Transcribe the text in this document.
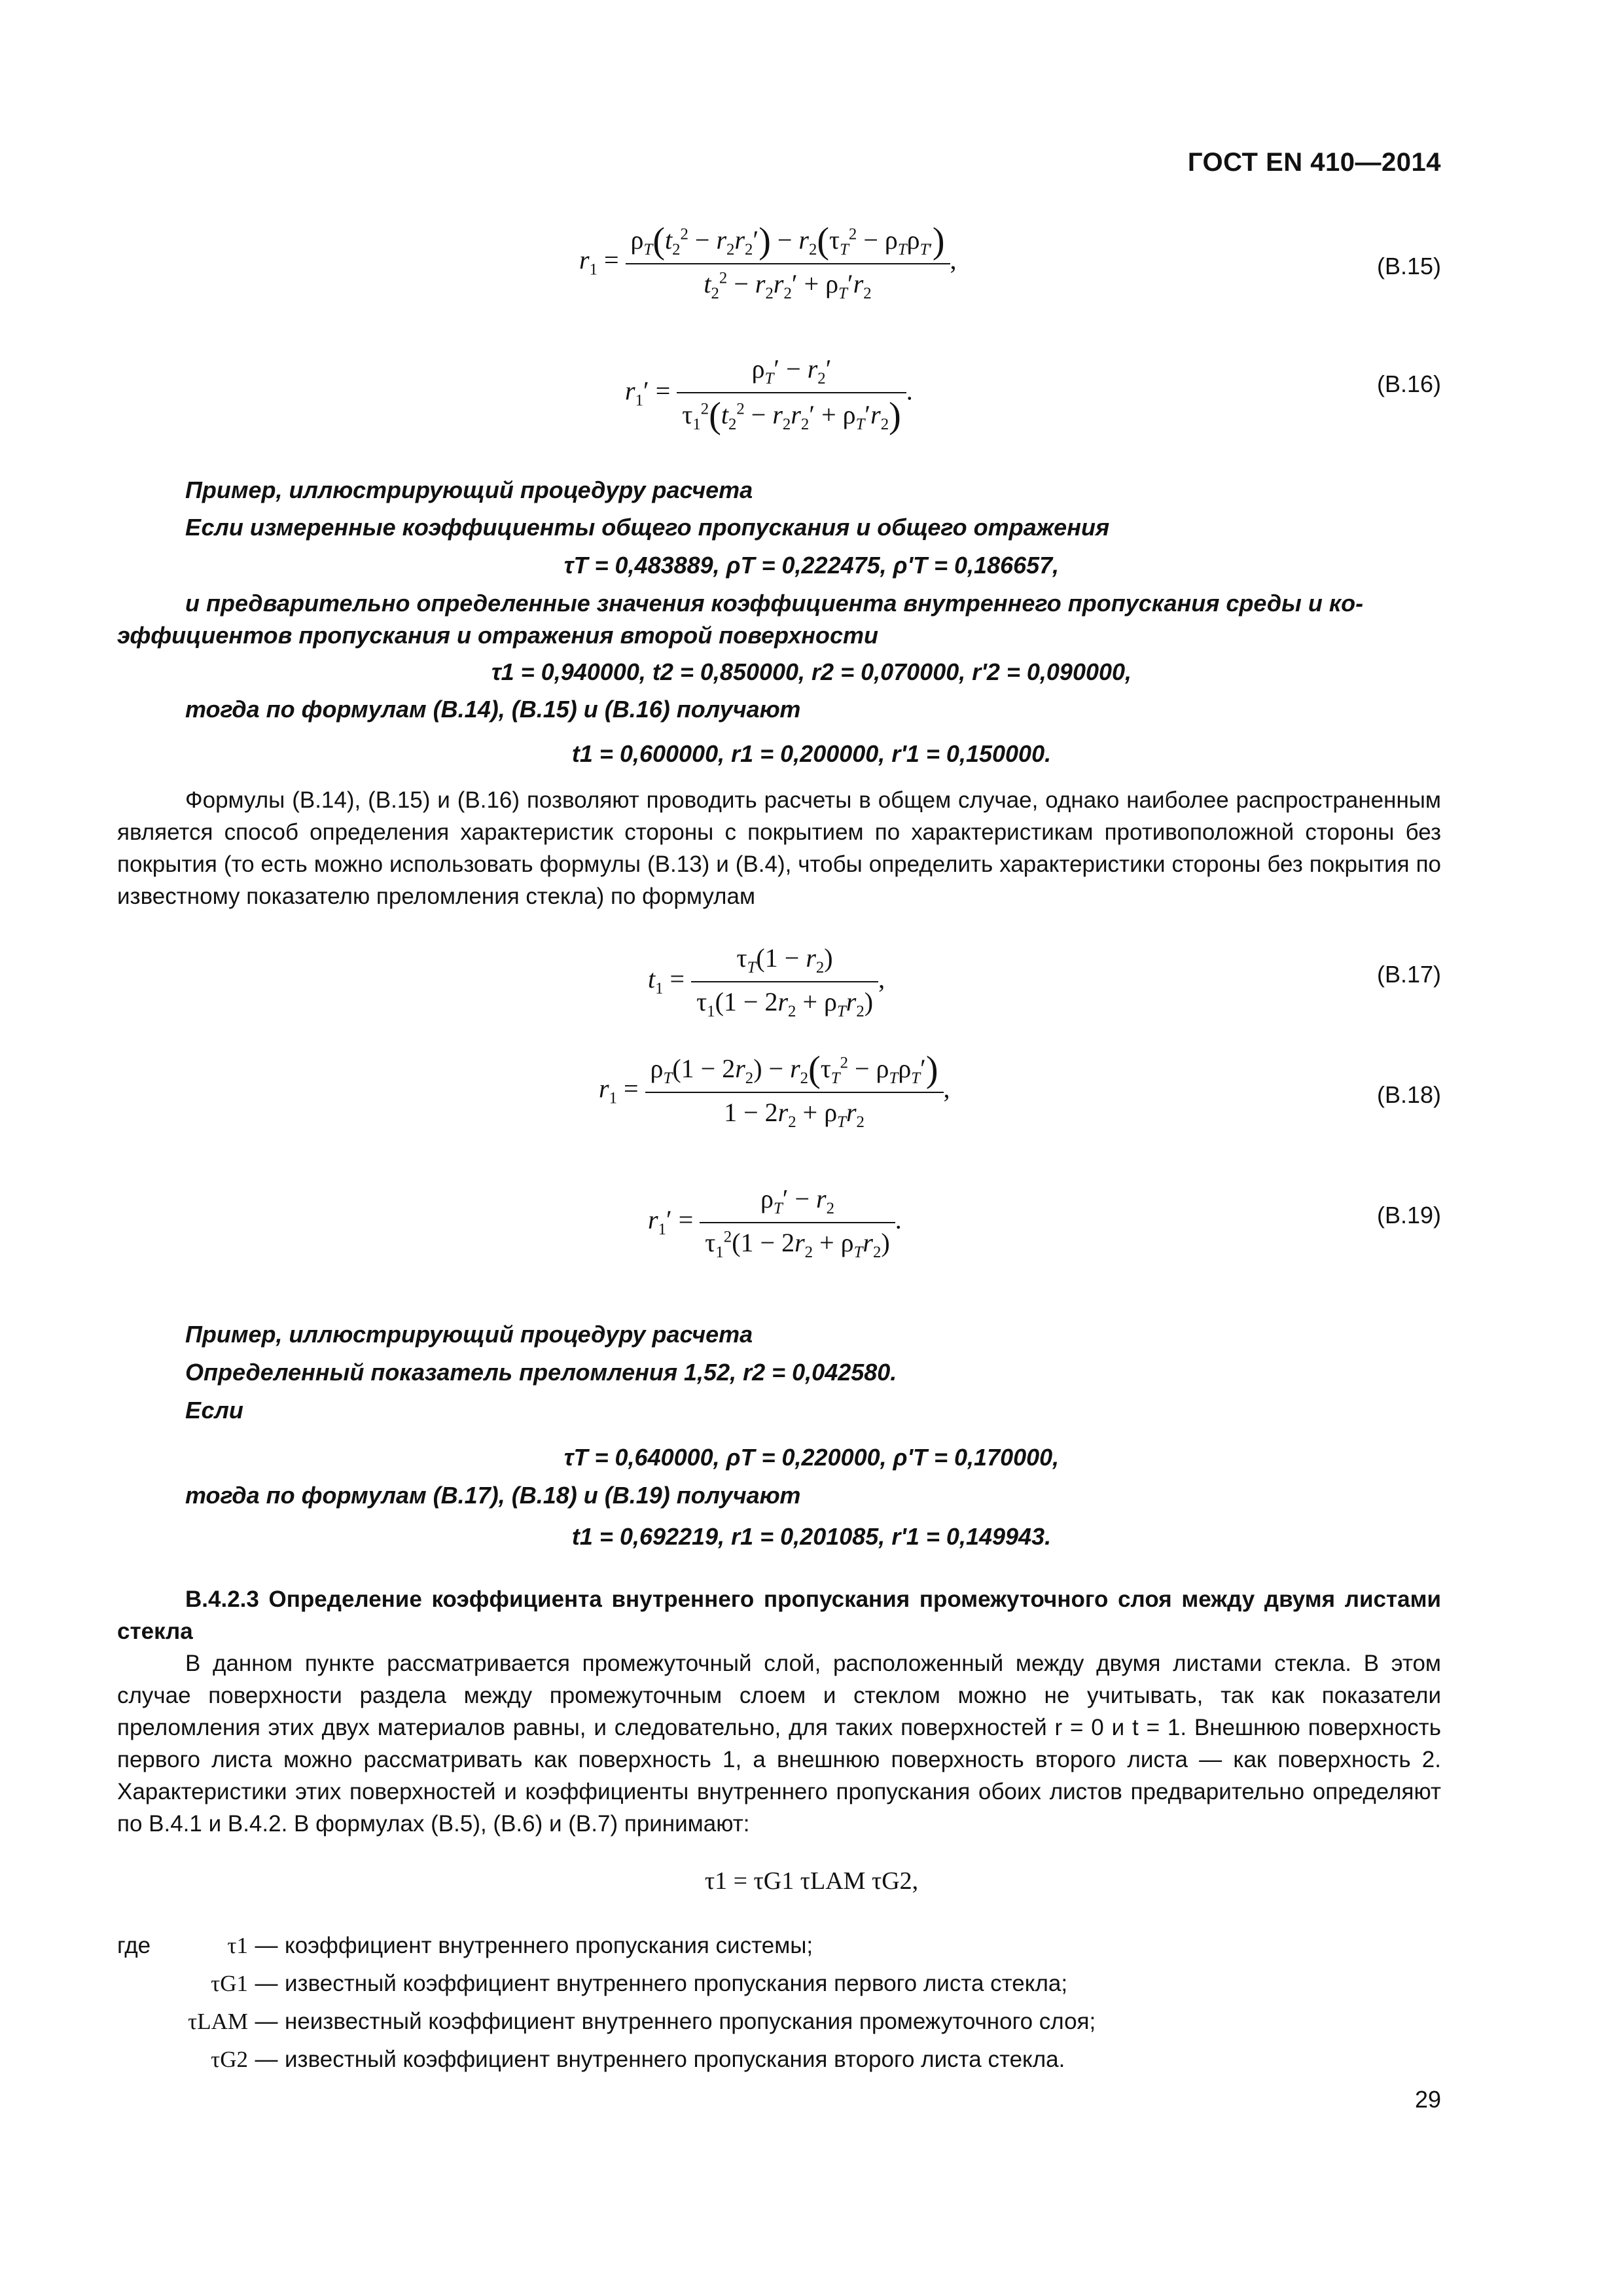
ГОСТ EN 410—2014
$r_1 = \frac{\rho_T(t_2^2 - r_2r_2') - r_2(\tau_T^2 - \rho_T\rho_{T'})}{t_2^2 - r_2r_2' + \rho_T'r_2}$ ,	(B.15)
$r_1' = \frac{\rho_T' - r_2'}{\tau_1^2(t_2^2 - r_2r_2' + \rho_T'r_2)}$ .	(B.16)
Пример, иллюстрирующий процедуру расчета
Если измеренные коэффициенты общего пропускания и общего отражения
τT = 0,483889, ρT = 0,222475, ρ'T = 0,186657,
и предварительно определенные значения коэффициента внутреннего пропускания среды и ко-
эффициентов пропускания и отражения второй поверхности
τ1 = 0,940000, t2 = 0,850000, r2 = 0,070000, r'2 = 0,090000,
тогда по формулам (B.14), (B.15) и (B.16) получают
t1 = 0,600000, r1 = 0,200000, r'1 = 0,150000.
Формулы (B.14), (B.15) и (B.16) позволяют проводить расчеты в общем случае, однако наиболее распространенным является способ определения характеристик стороны с покрытием по характеристикам противоположной стороны без покрытия (то есть можно использовать формулы (B.13) и (B.4), чтобы определить характеристики стороны без покрытия по известному показателю преломления стекла) по формулам
$t_1 = \frac{\tau_T(1 - r_2)}{\tau_1(1 - 2r_2 + \rho_Tr_2)}$ ,	(B.17)
$r_1 = \frac{\rho_T(1 - 2r_2) - r_2(\tau_T^2 - \rho_T\rho_T')}{1 - 2r_2 + \rho_Tr_2}$ ,	(B.18)
$r_1' = \frac{\rho_T' - r_2}{\tau_1^2(1 - 2r_2 + \rho_Tr_2)}$ .	(B.19)
Пример, иллюстрирующий процедуру расчета
Определенный показатель преломления 1,52, r2 = 0,042580.
Если
τT = 0,640000, ρT = 0,220000, ρ'T = 0,170000,
тогда по формулам (B.17), (B.18) и (B.19) получают
t1 = 0,692219, r1 = 0,201085, r'1 = 0,149943.
B.4.2.3 Определение коэффициента внутреннего пропускания промежуточного слоя между двумя листами стекла
В данном пункте рассматривается промежуточный слой, расположенный между двумя листами стекла. В этом случае поверхности раздела между промежуточным слоем и стеклом можно не учитывать, так как показатели преломления этих двух материалов равны, и следовательно, для таких поверхностей r = 0 и t = 1. Внешнюю поверхность первого листа можно рассматривать как поверхность 1, а внешнюю поверхность второго листа — как поверхность 2. Характеристики этих поверхностей и коэффициенты внутреннего пропускания обоих листов предварительно определяют по B.4.1 и B.4.2. В формулах (B.5), (B.6) и (B.7) принимают:
τ1 = τG1 τLAM τG2,
где	τ1 — коэффициент внутреннего пропускания системы;
τG1 — известный коэффициент внутреннего пропускания первого листа стекла;
τLAM — неизвестный коэффициент внутреннего пропускания промежуточного слоя;
τG2 — известный коэффициент внутреннего пропускания второго листа стекла.
29
